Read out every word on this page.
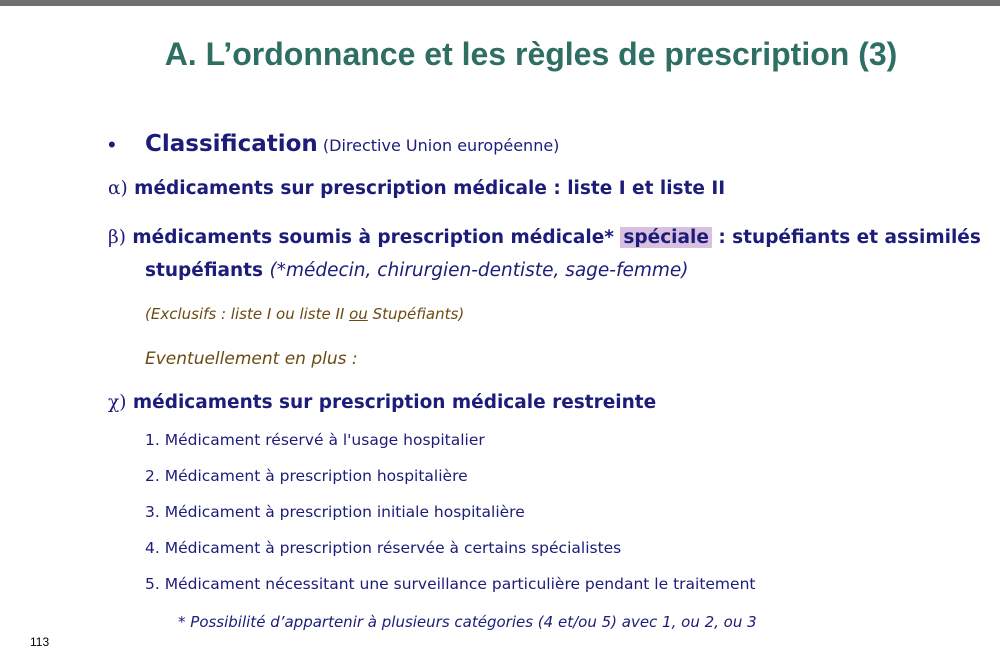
A. L’ordonnance et les règles de prescription (3)
• Classification (Directive Union européenne)
α) médicaments sur prescription médicale : liste I et liste II
β) médicaments soumis à prescription médicale* spéciale : stupéfiants et assimilés
stupéfiants (*médecin, chirurgien-dentiste, sage-femme)
(Exclusifs : liste I ou liste II ou Stupéfiants)
Eventuellement en plus :
χ) médicaments sur prescription médicale restreinte
1. Médicament réservé à l'usage hospitalier
2. Médicament à prescription hospitalière
3. Médicament à prescription initiale hospitalière
4. Médicament à prescription réservée à certains spécialistes
5. Médicament nécessitant une surveillance particulière pendant le traitement
* Possibilité d’appartenir à plusieurs catégories (4 et/ou 5) avec 1, ou 2, ou 3
113
